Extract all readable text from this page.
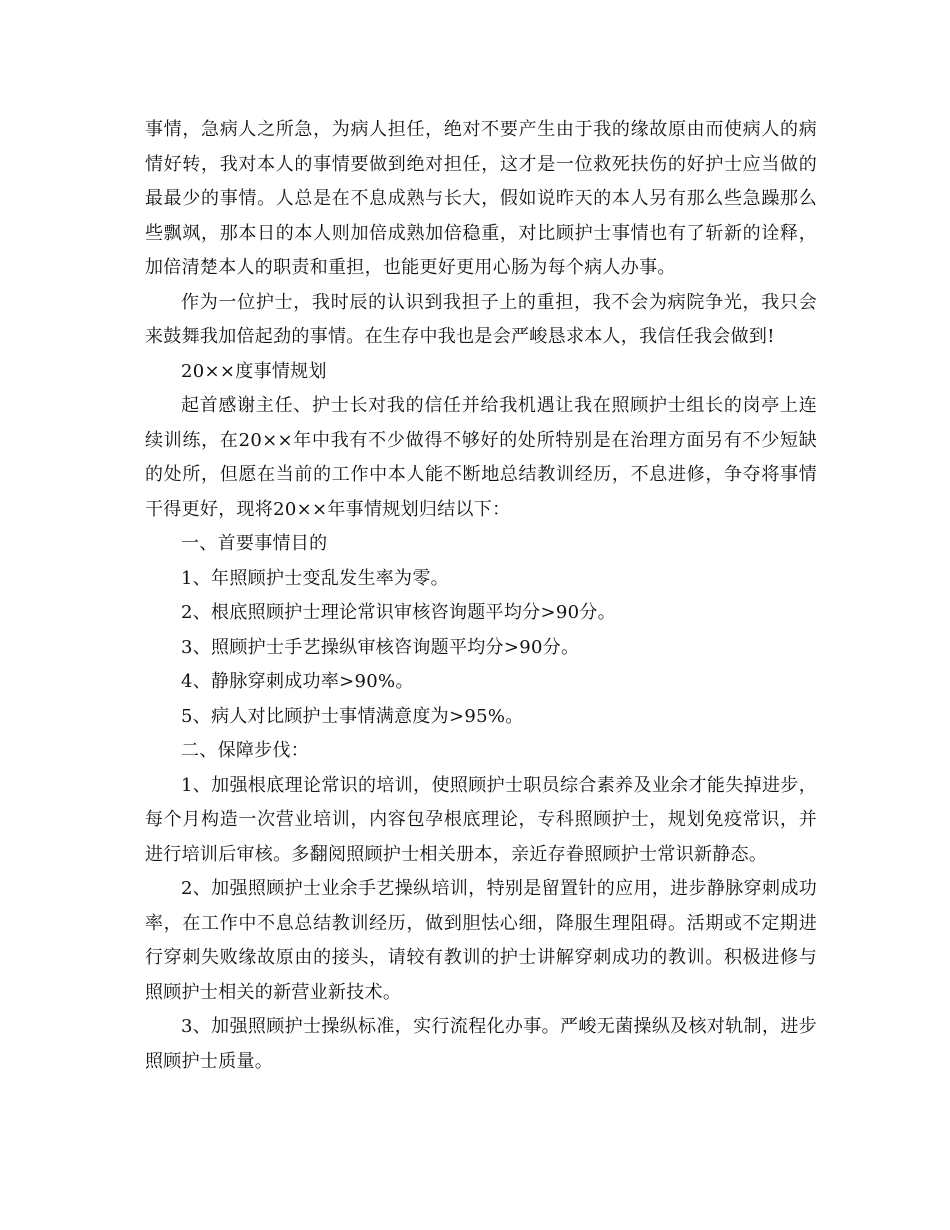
事情，急病人之所急，为病人担任，绝对不要产生由于我的缘故原由而使病人的病情好转，我对本人的事情要做到绝对担任，这才是一位救死扶伤的好护士应当做的最最少的事情。人总是在不息成熟与长大，假如说昨天的本人另有那么些急躁那么些飘飒，那本日的本人则加倍成熟加倍稳重，对比顾护士事情也有了斩新的诠释，加倍清楚本人的职责和重担，也能更好更用心肠为每个病人办事。

作为一位护士，我时辰的认识到我担子上的重担，我不会为病院争光，我只会来鼓舞我加倍起劲的事情。在生存中我也是会严峻恳求本人，我信任我会做到!

20××度事情规划

起首感谢主任、护士长对我的信任并给我机遇让我在照顾护士组长的岗亭上连续训练，在20××年中我有不少做得不够好的处所特别是在治理方面另有不少短缺的处所，但愿在当前的工作中本人能不断地总结教训经历，不息进修，争夺将事情干得更好，现将20××年事情规划归结以下：

一、首要事情目的

1、年照顾护士变乱发生率为零。

2、根底照顾护士理论常识审核咨询题平均分>90分。

3、照顾护士手艺操纵审核咨询题平均分>90分。

4、静脉穿刺成功率>90%。

5、病人对比顾护士事情满意度为>95%。

二、保障步伐：

1、加强根底理论常识的培训，使照顾护士职员综合素养及业余才能失掉进步，每个月构造一次营业培训，内容包孕根底理论，专科照顾护士，规划免疫常识，并进行培训后审核。多翻阅照顾护士相关册本，亲近存眷照顾护士常识新静态。

2、加强照顾护士业余手艺操纵培训，特别是留置针的应用，进步静脉穿刺成功率，在工作中不息总结教训经历，做到胆怯心细，降服生理阻碍。活期或不定期进行穿刺失败缘故原由的接头，请较有教训的护士讲解穿刺成功的教训。积极进修与照顾护士相关的新营业新技术。

3、加强照顾护士操纵标准，实行流程化办事。严峻无菌操纵及核对轨制，进步照顾护士质量。
